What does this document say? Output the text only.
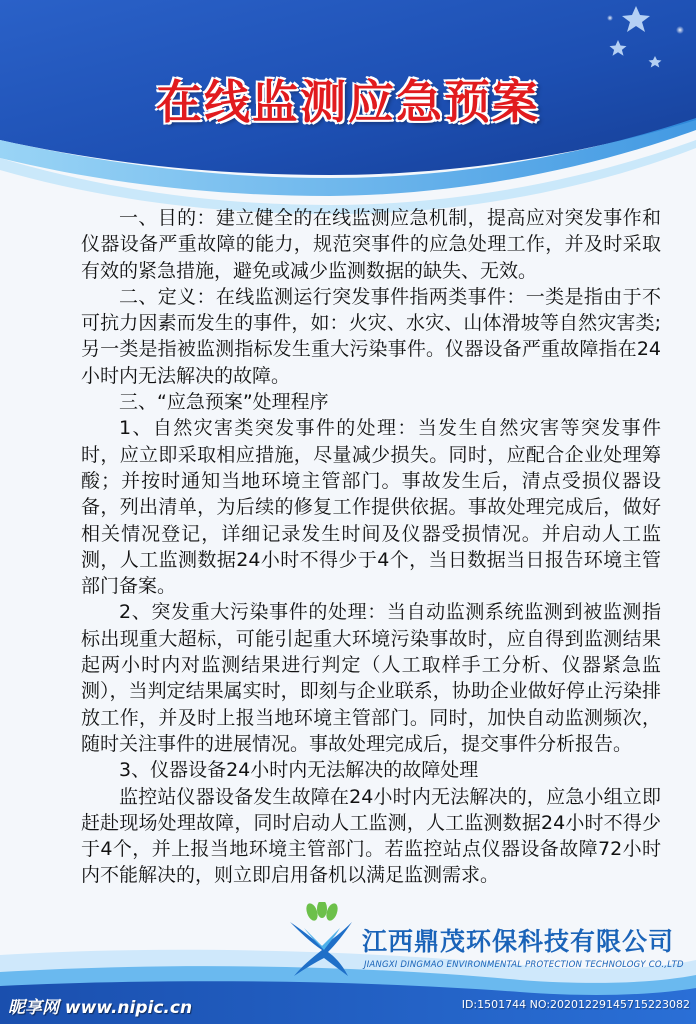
在线监测应急预案

一、目的：建立健全的在线监测应急机制，提高应对突发事作和仪器设备严重故障的能力，规范突事件的应急处理工作，并及时采取有效的紧急措施，避免或减少监测数据的缺失、无效。

二、定义：在线监测运行突发事件指两类事件：一类是指由于不可抗力因素而发生的事件，如：火灾、水灾、山体滑坡等自然灾害类;另一类是指被监测指标发生重大污染事件。仪器设备严重故障指在24小时内无法解决的故障。

三、“应急预案”处理程序

1、自然灾害类突发事件的处理：当发生自然灾害等突发事件时，应立即采取相应措施，尽量减少损失。同时，应配合企业处理筹酸；并按时通知当地环境主管部门。事故发生后，清点受损仪器设备，列出清单，为后续的修复工作提供依据。事故处理完成后，做好相关情况登记，详细记录发生时间及仪器受损情况。并启动人工监测，人工监测数据24小时不得少于4个，当日数据当日报告环境主管部门备案。

2、突发重大污染事件的处理：当自动监测系统监测到被监测指标出现重大超标，可能引起重大环境污染事故时，应自得到监测结果起两小时内对监测结果进行判定（人工取样手工分析、仪器紧急监测），当判定结果属实时，即刻与企业联系，协助企业做好停止污染排放工作，并及时上报当地环境主管部门。同时，加快自动监测频次，随时关注事件的进展情况。事故处理完成后，提交事件分析报告。

3、仪器设备24小时内无法解决的故障处理

监控站仪器设备发生故障在24小时内无法解决的，应急小组立即赶赴现场处理故障，同时启动人工监测，人工监测数据24小时不得少于4个，并上报当地环境主管部门。若监控站点仪器设备故障72小时内不能解决的，则立即启用备机以满足监测需求。

江西鼎茂环保科技有限公司
JIANGXI DINGMAO ENVIRONMENTAL PROTECTION TECHNOLOGY CO.,LTD
昵享网 www.nipic.cn	ID:1501744 NO:20201229145715223082
